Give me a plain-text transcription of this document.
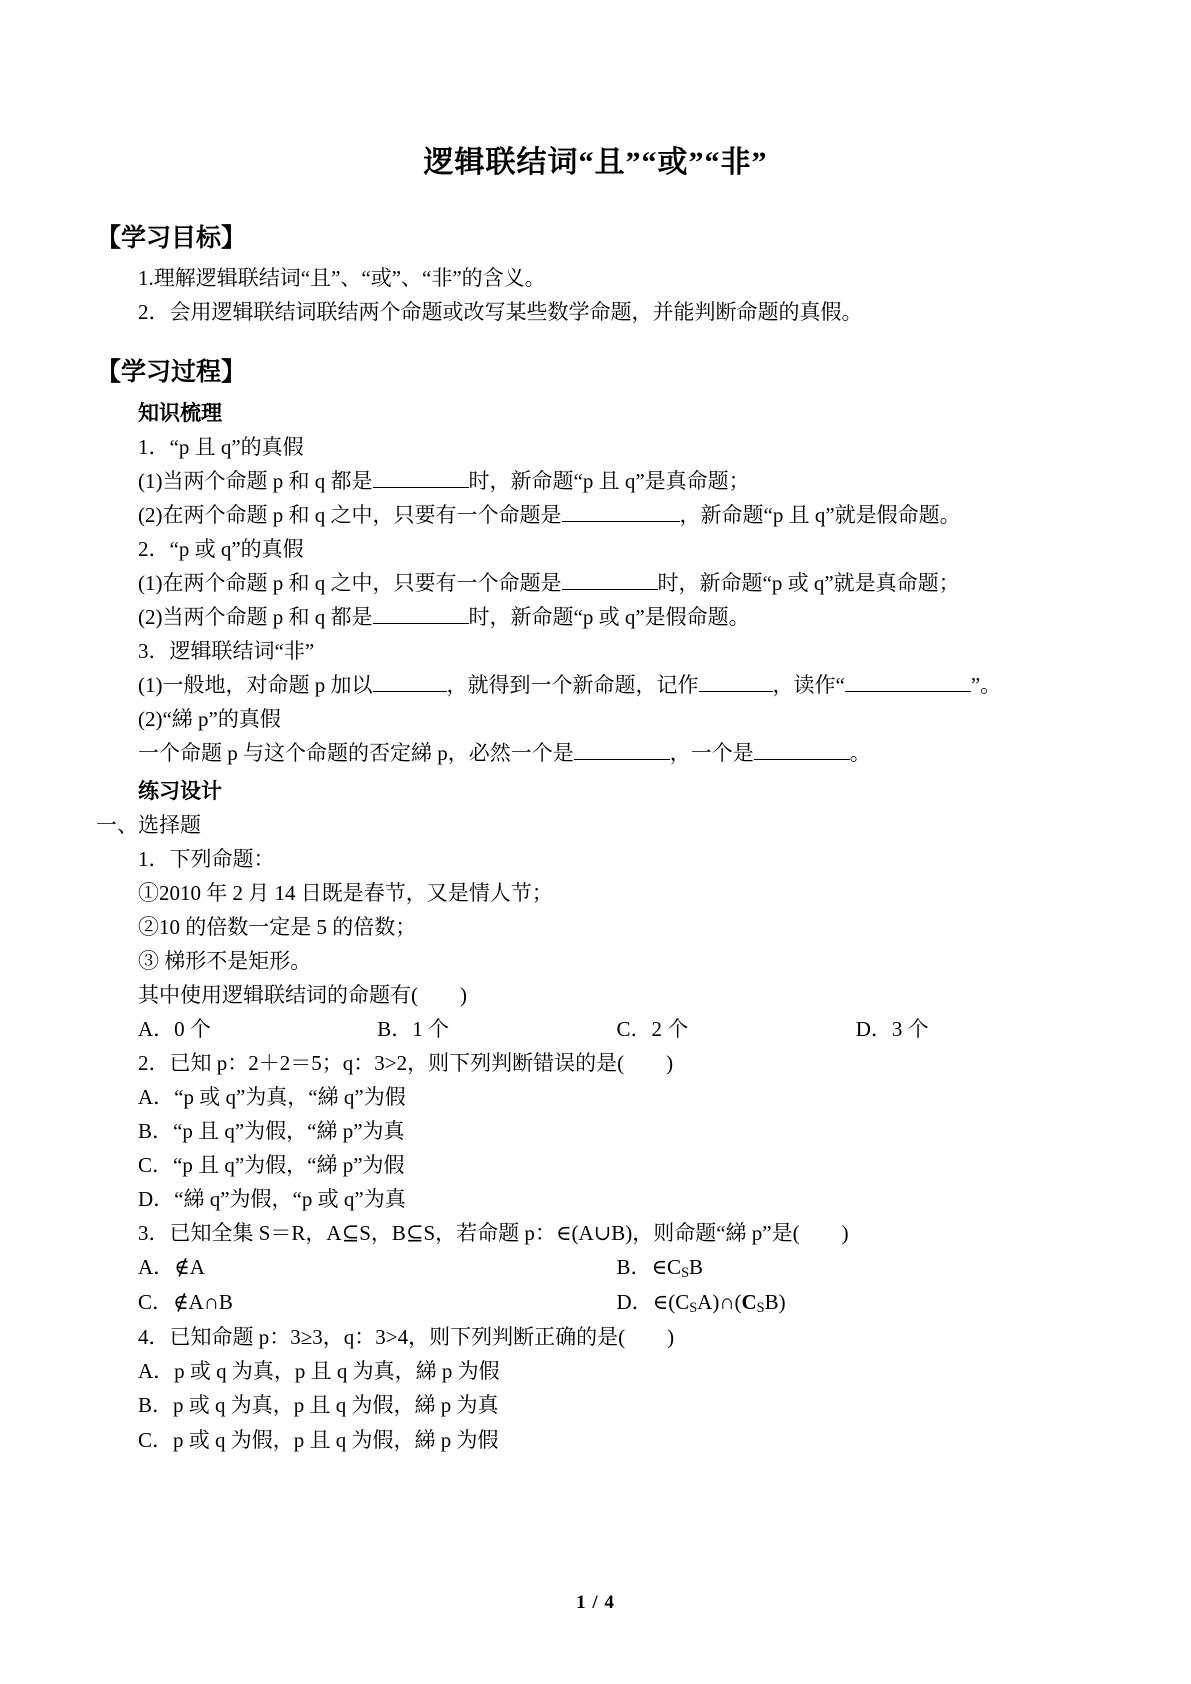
逻辑联结词“且”“或”“非”
【学习目标】

1.理解逻辑联结词“且”、“或”、“非”的含义。

2．会用逻辑联结词联结两个命题或改写某些数学命题，并能判断命题的真假。

【学习过程】

知识梳理

1．“p 且 q”的真假

(1)当两个命题 p 和 q 都是	时，新命题“p 且 q”是真命题；

(2)在两个命题 p 和 q 之中，只要有一个命题是	，新命题“p 且 q”就是假命题。

2．“p 或 q”的真假

(1)在两个命题 p 和 q 之中，只要有一个命题是	时，新命题“p 或 q”就是真命题；

(2)当两个命题 p 和 q 都是	时，新命题“p 或 q”是假命题。

3．逻辑联结词“非”

(1)一般地，对命题 p 加以	，就得到一个新命题，记作	，读作“	”。

(2)“綈 p”的真假

一个命题 p 与这个命题的否定綈 p，必然一个是	，一个是	。

练习设计

一、选择题

1．下列命题：

①2010 年 2 月 14 日既是春节，又是情人节；

②10 的倍数一定是 5 的倍数；

③ 梯形不是矩形。

其中使用逻辑联结词的命题有(　　)

A．0 个	B．1 个	C．2 个	D．3 个

2．已知 p：2＋2＝5；q：3>2，则下列判断错误的是(　　)

A．“p 或 q”为真，“綈 q”为假

B．“p 且 q”为假，“綈 p”为真

C．“p 且 q”为假，“綈 p”为假

D．“綈 q”为假，“p 或 q”为真

3．已知全集 S＝R，A⊆S，B⊆S，若命题 p：∈(A∪B)，则命题“綈 p”是(　　)

A．∉A	B．$\in C_SB$
C．∉A∩B	D．$\in(C_SA)\cap(C_SB)$

4．已知命题 p：3≥3，q：3>4，则下列判断正确的是(　　)

A．p 或 q 为真，p 且 q 为真，綈 p 为假

B．p 或 q 为真，p 且 q 为假，綈 p 为真

C．p 或 q 为假，p 且 q 为假，綈 p 为假

1 / 4
